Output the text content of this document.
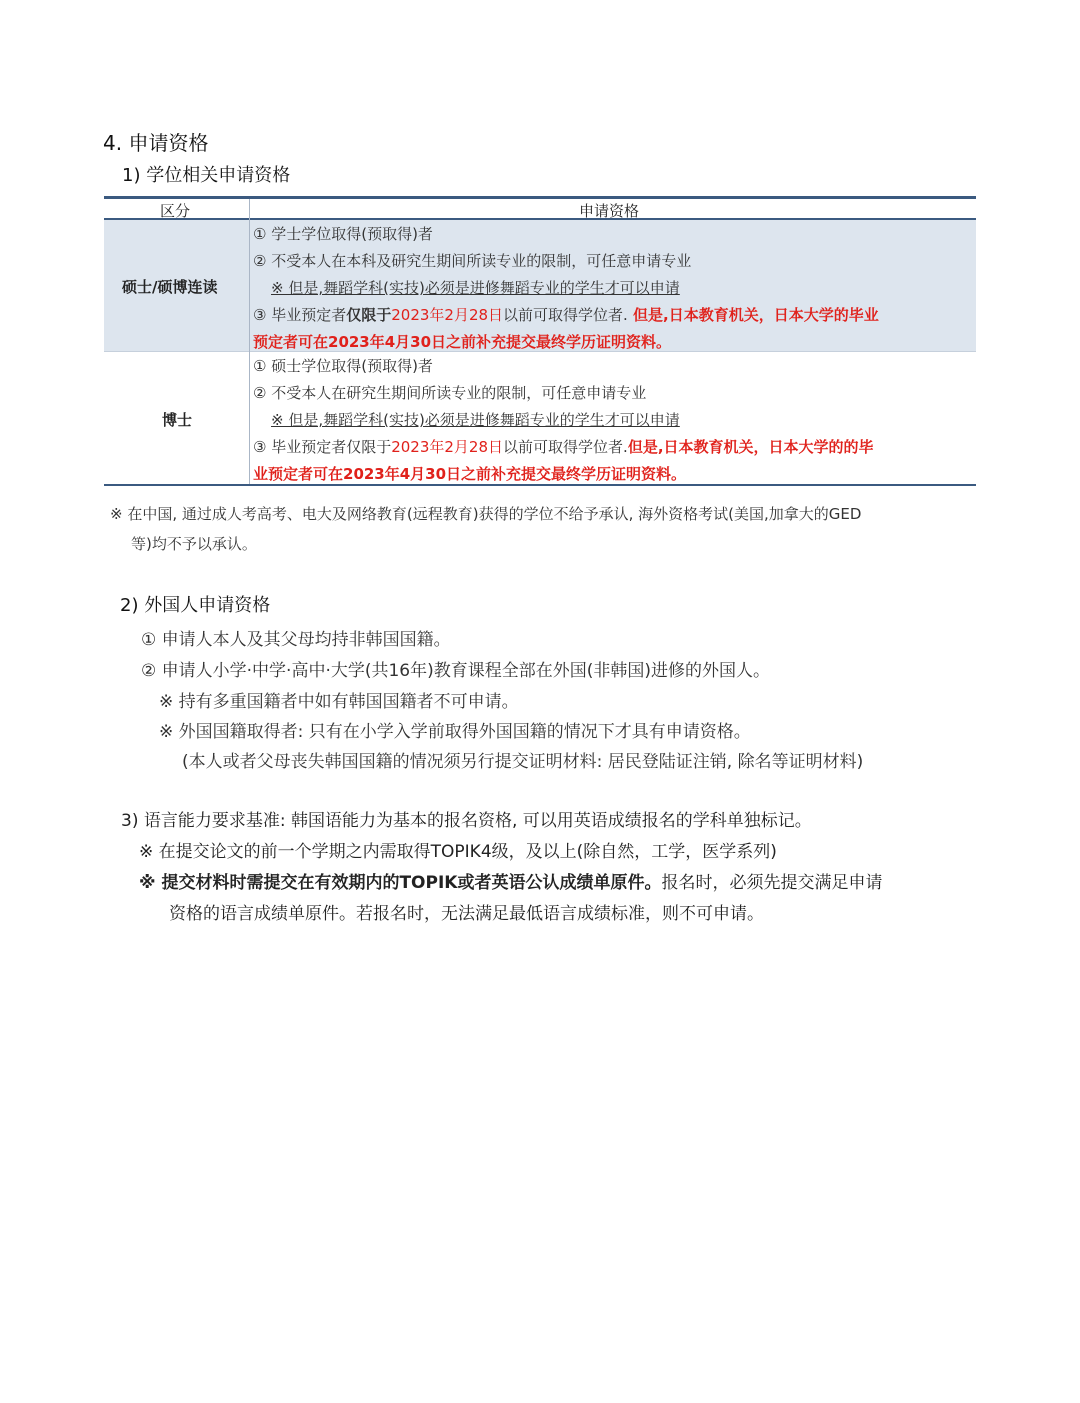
4. 申请资格
1) 学位相关申请资格
区分	申请资格
硕士/硕博连读
① 学士学位取得(预取得)者
② 不受本人在本科及研究生期间所读专业的限制，可任意申请专业
※ 但是,舞蹈学科(实技)必须是进修舞蹈专业的学生才可以申请
③ 毕业预定者仅限于2023年2月28日以前可取得学位者. 但是,日本教育机关，日本大学的毕业
预定者可在2023年4月30日之前补充提交最终学历证明资料。
博士
① 硕士学位取得(预取得)者
② 不受本人在研究生期间所读专业的限制，可任意申请专业
※ 但是,舞蹈学科(实技)必须是进修舞蹈专业的学生才可以申请
③ 毕业预定者仅限于2023年2月28日以前可取得学位者.但是,日本教育机关，日本大学的的毕
业预定者可在2023年4月30日之前补充提交最终学历证明资料。
※ 在中国, 通过成人考高考、电大及网络教育(远程教育)获得的学位不给予承认, 海外资格考试(美国,加拿大的GED
等)均不予以承认。
2) 外国人申请资格
① 申请人本人及其父母均持非韩国国籍。
② 申请人小学·中学·高中·大学(共16年)教育课程全部在外国(非韩国)进修的外国人。
※ 持有多重国籍者中如有韩国国籍者不可申请。
※ 外国国籍取得者: 只有在小学入学前取得外国国籍的情况下才具有申请资格。
(本人或者父母丧失韩国国籍的情况须另行提交证明材料: 居民登陆证注销, 除名等证明材料)
3) 语言能力要求基准: 韩国语能力为基本的报名资格, 可以用英语成绩报名的学科单独标记。
※ 在提交论文的前一个学期之内需取得TOPIK4级，及以上(除自然，工学，医学系列)
※ 提交材料时需提交在有效期内的TOPIK或者英语公认成绩单原件。报名时，必须先提交满足申请
资格的语言成绩单原件。若报名时，无法满足最低语言成绩标准，则不可申请。
